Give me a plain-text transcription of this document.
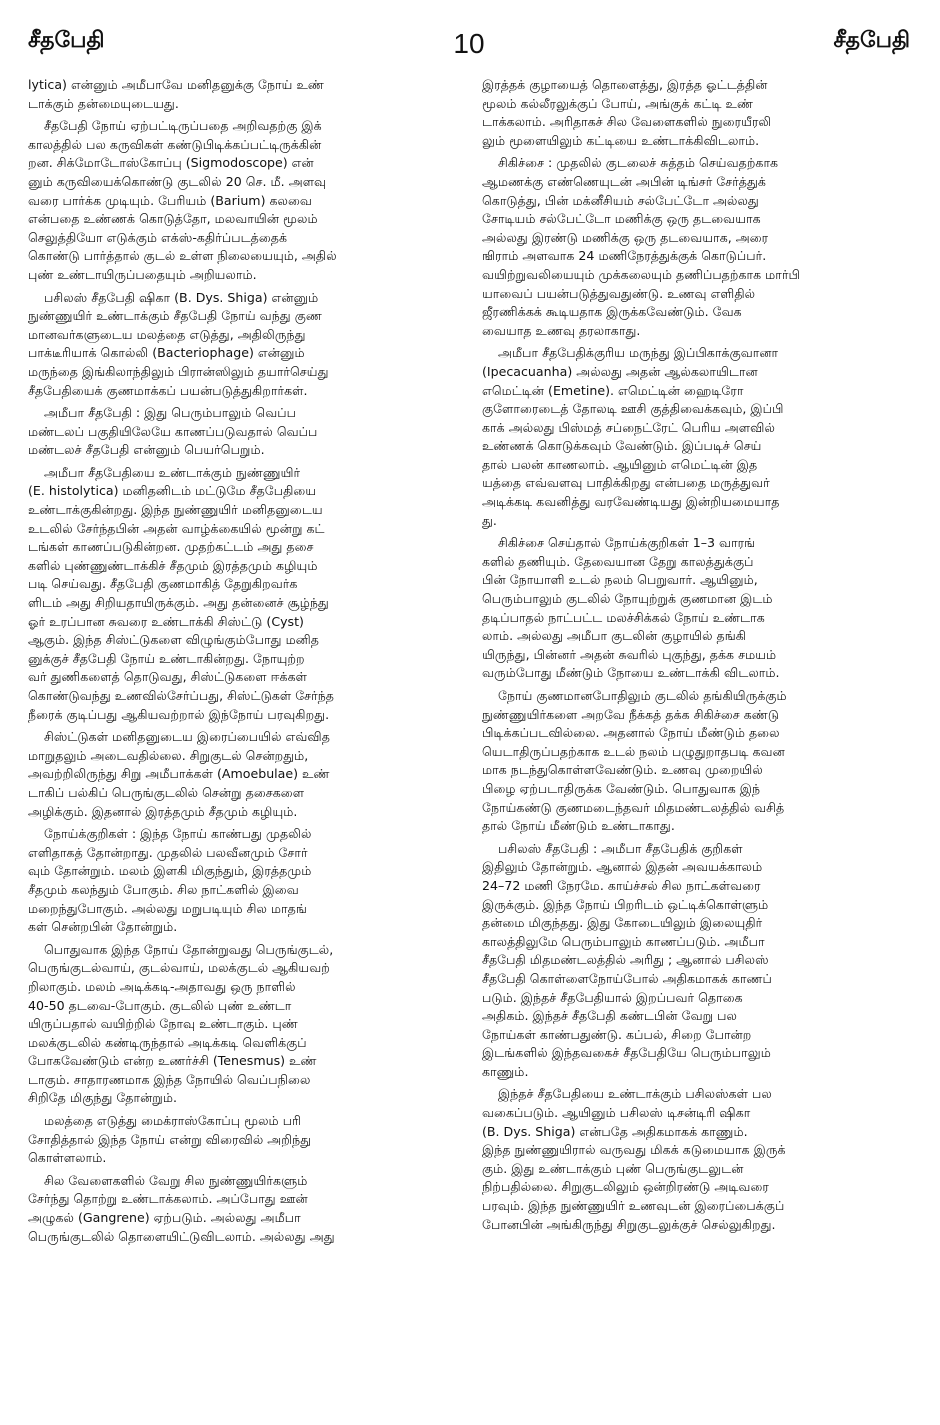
சீதபேதி	10	சீதபேதி
lytica) என்னும் அமீபாவே மனிதனுக்கு நோய் உண்
டாக்கும் தன்மையுடையது.
சீதபேதி நோய் ஏற்பட்டிருப்பதை அறிவதற்கு இக்
காலத்தில் பல கருவிகள் கண்டுபிடிக்கப்பட்டிருக்கின்
றன. சிக்மோடோஸ்கோப்பு (Sigmodoscope) என்
னும் கருவியைக்கொண்டு குடலில் 20 செ. மீ. அளவு
வரை பார்க்க முடியும். பேரியம் (Barium) கலவை
என்பதை உண்ணக் கொடுத்தோ, மலவாயின் மூலம்
செலுத்தியோ எடுக்கும் எக்ஸ்-கதிர்ப்படத்தைக்
கொண்டு பார்த்தால் குடல் உள்ள நிலையையும், அதில்
புண் உண்டாயிருப்பதையும் அறியலாம்.
பசிலஸ் சீதபேதி ஷிகா (B. Dys. Shiga) என்னும்
நுண்ணுயிர் உண்டாக்கும் சீதபேதி நோய் வந்து குண
மானவர்களுடைய மலத்தை எடுத்து, அதிலிருந்து
பாக்டீரியாக் கொல்லி (Bacteriophage) என்னும்
மருந்தை இங்கிலாந்திலும் பிரான்ஸிலும் தயார்செய்து
சீதபேதியைக் குணமாக்கப் பயன்படுத்துகிறார்கள்.
அமீபா சீதபேதி : இது பெரும்பாலும் வெப்ப
மண்டலப் பகுதியிலேயே காணப்படுவதால் வெப்ப
மண்டலச் சீதபேதி என்னும் பெயர்பெறும்.
அமீபா சீதபேதியை உண்டாக்கும் நுண்ணுயிர்
(E. histolytica) மனிதனிடம் மட்டுமே சீதபேதியை
உண்டாக்குகின்றது. இந்த நுண்ணுயிர் மனிதனுடைய
உடலில் சேர்ந்தபின் அதன் வாழ்க்கையில் மூன்று கட்
டங்கள் காணப்படுகின்றன. முதற்கட்டம் அது தசை
களில் புண்ணுண்டாக்கிச் சீதமும் இரத்தமும் கழியும்
படி செய்வது. சீதபேதி குணமாகித் தேறுகிறவர்க
ளிடம் அது சிறியதாயிருக்கும். அது தன்னைச் சூழ்ந்து
ஓர் உரப்பான சுவரை உண்டாக்கி சிஸ்ட்டு (Cyst)
ஆகும். இந்த சிஸ்ட்டுகளை விழுங்கும்போது மனித
னுக்குச் சீதபேதி நோய் உண்டாகின்றது. நோயுற்ற
வர் துணிகளைத் தொடுவது, சிஸ்ட்டுகளை ஈக்கள்
கொண்டுவந்து உணவில்சேர்ப்பது, சிஸ்ட்டுகள் சேர்ந்த
நீரைக் குடிப்பது ஆகியவற்றால் இந்நோய் பரவுகிறது.
சிஸ்ட்டுகள் மனிதனுடைய இரைப்பையில் எவ்வித
மாறுதலும் அடைவதில்லை. சிறுகுடல் சென்றதும்,
அவற்றிலிருந்து சிறு அமீபாக்கள் (Amoebulae) உண்
டாகிப் பல்கிப் பெருங்குடலில் சென்று தசைகளை
அழிக்கும். இதனால் இரத்தமும் சீதமும் கழியும்.
நோய்க்குறிகள் : இந்த நோய் காண்பது முதலில்
எளிதாகத் தோன்றாது. முதலில் பலவீனமும் சோர்
வும் தோன்றும். மலம் இளகி மிகுந்தும், இரத்தமும்
சீதமும் கலந்தும் போகும். சில நாட்களில் இவை
மறைந்துபோகும். அல்லது மறுபடியும் சில மாதங்
கள் சென்றபின் தோன்றும்.
பொதுவாக இந்த நோய் தோன்றுவது பெருங்குடல்,
பெருங்குடல்வாய், குடல்வாய், மலக்குடல் ஆகியவற்
றிலாகும். மலம் அடிக்கடி-அதாவது ஒரு நாளில்
40-50 தடவை-போகும். குடலில் புண் உண்டா
யிருப்பதால் வயிற்றில் நோவு உண்டாகும். புண்
மலக்குடலில் கண்டிருந்தால் அடிக்கடி வெளிக்குப்
போகவேண்டும் என்ற உணர்ச்சி (Tenesmus) உண்
டாகும். சாதாரணமாக இந்த நோயில் வெப்பநிலை
சிறிதே மிகுந்து தோன்றும்.
மலத்தை எடுத்து மைக்ராஸ்கோப்பு மூலம் பரி
சோதித்தால் இந்த நோய் என்று விரைவில் அறிந்து
கொள்ளலாம்.
சில வேளைகளில் வேறு சில நுண்ணுயிர்களும்
சேர்ந்து தொற்று உண்டாக்கலாம். அப்போது ஊன்
அழுகல் (Gangrene) ஏற்படும். அல்லது அமீபா
பெருங்குடலில் தொளையிட்டுவிடலாம். அல்லது அது
இரத்தக் குழாயைத் தொளைத்து, இரத்த ஓட்டத்தின்
மூலம் கல்லீரலுக்குப் போய், அங்குக் கட்டி உண்
டாக்கலாம். அரிதாகச் சில வேளைகளில் நுரையீரலி
லும் மூளையிலும் கட்டியை உண்டாக்கிவிடலாம்.
சிகிச்சை : முதலில் குடலைச் சுத்தம் செய்வதற்காக
ஆமணக்கு எண்ணெயுடன் அபின் டிங்சர் சேர்த்துக்
கொடுத்து, பின் மக்னீசியம் சல்பேட்டோ அல்லது
சோடியம் சல்பேட்டோ மணிக்கு ஒரு தடவையாக
அல்லது இரண்டு மணிக்கு ஒரு தடவையாக, அரை
ஙிராம் அளவாக 24 மணிநேரத்துக்குக் கொடுப்பர்.
வயிற்றுவலியையும் முக்கலையும் தணிப்பதற்காக மார்பி
யாவைப் பயன்படுத்துவதுண்டு. உணவு எளிதில்
ஜீரணிக்கக் கூடியதாக இருக்கவேண்டும். வேக
வையாத உணவு தரலாகாது.
அமீபா சீதபேதிக்குரிய மருந்து இப்பிகாக்குவானா
(Ipecacuanha) அல்லது அதன் ஆல்கலாயிடான
எமெட்டின் (Emetine). எமெட்டின் ஹைடிரோ
குளோரைடைத் தோலடி ஊசி குத்திவைக்கவும், இப்பி
காக் அல்லது பிஸ்மத் சப்நைட்ரேட் பெரிய அளவில்
உண்ணக் கொடுக்கவும் வேண்டும். இப்படிச் செய்
தால் பலன் காணலாம். ஆயினும் எமெட்டின் இத
யத்தை எவ்வளவு பாதிக்கிறது என்பதை மருத்துவர்
அடிக்கடி கவனித்து வரவேண்டியது இன்றியமையாத
து.
சிகிச்சை செய்தால் நோய்க்குறிகள் 1–3 வாரங்
களில் தணியும். தேவையான தேறு காலத்துக்குப்
பின் நோயாளி உடல் நலம் பெறுவார். ஆயினும்,
பெரும்பாலும் குடலில் நோயுற்றுக் குணமான இடம்
தடிப்பாதல் நாட்பட்ட மலச்சிக்கல் நோய் உண்டாக
லாம். அல்லது அமீபா குடலின் குழாயில் தங்கி
யிருந்து, பின்னர் அதன் சுவரில் புகுந்து, தக்க சமயம்
வரும்போது மீண்டும் நோயை உண்டாக்கி விடலாம்.
நோய் குணமானபோதிலும் குடலில் தங்கியிருக்கும்
நுண்ணுயிர்களை அறவே நீக்கத் தக்க சிகிச்சை கண்டு
பிடிக்கப்படவில்லை. அதனால் நோய் மீண்டும் தலை
யெடாதிருப்பதற்காக உடல் நலம் பழுதுறாதபடி கவன
மாக நடந்துகொள்ளவேண்டும். உணவு முறையில்
பிழை ஏற்படாதிருக்க வேண்டும். பொதுவாக இந்
நோய்கண்டு குணமடைந்தவர் மிதமண்டலத்தில் வசித்
தால் நோய் மீண்டும் உண்டாகாது.
பசிலஸ் சீதபேதி : அமீபா சீதபேதிக் குறிகள்
இதிலும் தோன்றும். ஆனால் இதன் அவயக்காலம்
24–72 மணி நேரமே. காய்ச்சல் சில நாட்கள்வரை
இருக்கும். இந்த நோய் பிறரிடம் ஒட்டிக்கொள்ளும்
தன்மை மிகுந்தது. இது கோடையிலும் இலையுதிர்
காலத்திலுமே பெரும்பாலும் காணப்படும். அமீபா
சீதபேதி மிதமண்டலத்தில் அரிது ; ஆனால் பசிலஸ்
சீதபேதி கொள்ளைநோய்போல் அதிகமாகக் காணப்
படும். இந்தச் சீதபேதியால் இறப்பவர் தொகை
அதிகம். இந்தச் சீதபேதி கண்டபின் வேறு பல
நோய்கள் காண்பதுண்டு. கப்பல், சிறை போன்ற
இடங்களில் இந்தவகைச் சீதபேதியே பெரும்பாலும்
காணும்.
இந்தச் சீதபேதியை உண்டாக்கும் பசிலஸ்கள் பல
வகைப்படும். ஆயினும் பசிலஸ் டிசன்டிரி ஷிகா
(B. Dys. Shiga) என்பதே அதிகமாகக் காணும்.
இந்த நுண்ணுயிரால் வருவது மிகக் கடுமையாக இருக்
கும். இது உண்டாக்கும் புண் பெருங்குடலுடன்
நிற்பதில்லை. சிறுகுடலிலும் ஒன்றிரண்டு அடிவரை
பரவும். இந்த நுண்ணுயிர் உணவுடன் இரைப்பைக்குப்
போனபின் அங்கிருந்து சிறுகுடலுக்குச் செல்லுகிறது.
